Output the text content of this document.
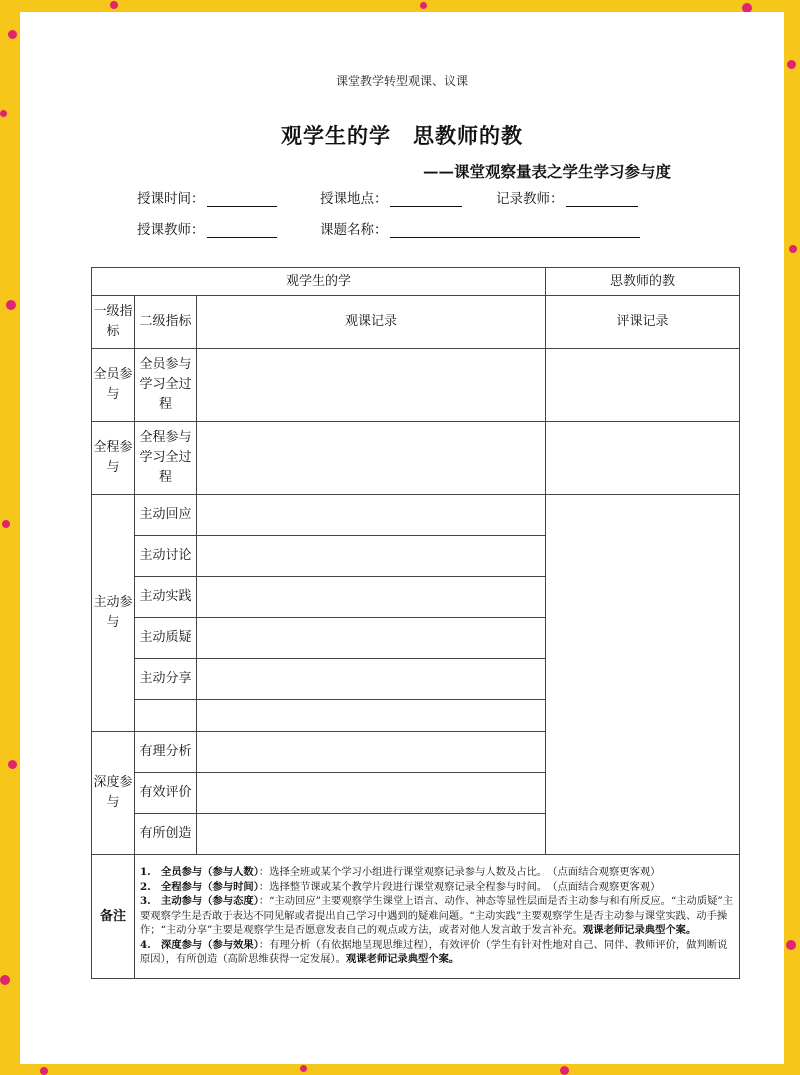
课堂教学转型观课、议课
观学生的学　思教师的教
——课堂观察量表之学生学习参与度
授课时间：	授课地点：	记录教师：
授课教师：	课题名称：
观学生的学			思教师的教
一级指标	二级指标	观课记录	评课记录
全员参与	全员参与学习全过程		
全程参与	全程参与学习全过程		
主动参与	主动回应		
	主动讨论		
	主动实践		
	主动质疑		
	主动分享		

深度参与	有理分析		
	有效评价		
	有所创造		
备注	1.　全员参与（参与人数）：选择全班或某个学习小组进行课堂观察记录参与人数及占比。　（点面结合观察更客观）

2.　全程参与（参与时间）：选择整节课或某个教学片段进行课堂观察记录全程参与时间。　（点面结合观察更客观）

3.　主动参与（参与态度）：“主动回应”主要观察学生课堂上语言、动作、神态等显性层面是否主动参与和有所反应。“主动质疑”主要观察学生是否敢于表达不同见解或者提出自己学习中遇到的疑难问题。“主动实践”主要观察学生是否主动参与课堂实践、动手操作；“主动分享”主要是观察学生是否愿意发表自己的观点或方法，或者对他人发言敢于发言补充。观课老师记录典型个案。

4.　深度参与（参与效果）：有理分析（有依据地呈现思维过程），有效评价（学生有针对性地对自己、同伴、教师评价，做判断说原因），有所创造（高阶思维获得一定发展）。观课老师记录典型个案。		
